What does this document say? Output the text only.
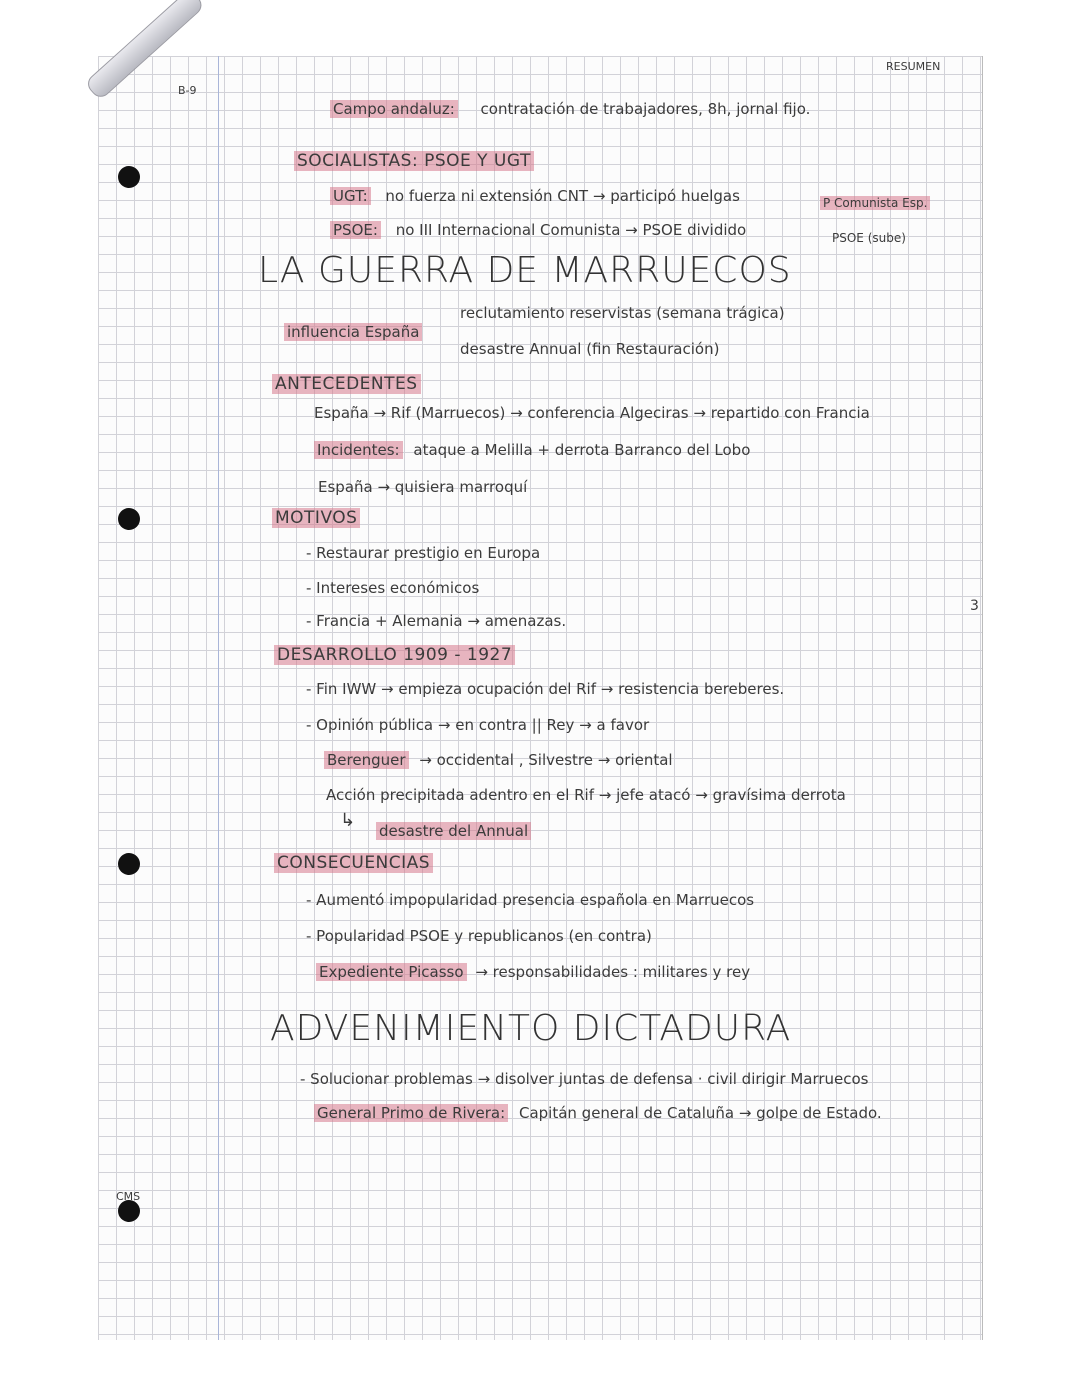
B-9
RESUMEN
CMS
3
Campo andaluz: contratación de trabajadores, 8h, jornal fijo.
SOCIALISTAS: PSOE Y UGT
UGT: no fuerza ni extensión CNT → participó huelgas
PSOE: no III Internacional Comunista → PSOE dividido
P Comunista Esp.
PSOE (sube)
LA GUERRA DE MARRUECOS
influencia España
reclutamiento reservistas (semana trágica)
desastre Annual (fin Restauración)
ANTECEDENTES
España → Rif (Marruecos) → conferencia Algeciras → repartido con Francia
Incidentes: ataque a Melilla + derrota Barranco del Lobo
España → quisiera marroquí
MOTIVOS
- Restaurar prestigio en Europa
- Intereses económicos
- Francia + Alemania → amenazas.
DESARROLLO 1909 - 1927
- Fin IWW → empieza ocupación del Rif → resistencia bereberes.
- Opinión pública → en contra || Rey → a favor
Berenguer → occidental , Silvestre → oriental
Acción precipitada adentro en el Rif → jefe atacó → gravísima derrota
↳ desastre del Annual
CONSECUENCIAS
- Aumentó impopularidad presencia española en Marruecos
- Popularidad PSOE y republicanos (en contra)
Expediente Picasso → responsabilidades : militares y rey
ADVENIMIENTO DICTADURA
- Solucionar problemas → disolver juntas de defensa · civil dirigir Marruecos
General Primo de Rivera: Capitán general de Cataluña → golpe de Estado.
